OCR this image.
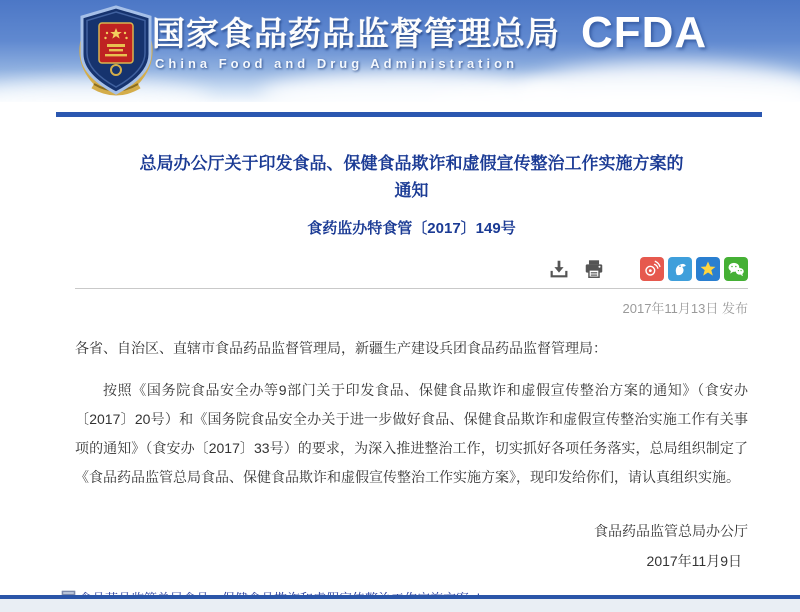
国家食品药品监督管理总局
China Food and Drug Administration
CFDA
总局办公厅关于印发食品、保健食品欺诈和虚假宣传整治工作实施方案的
通知
食药监办特食管〔2017〕149号
2017年11月13日 发布

各省、自治区、直辖市食品药品监督管理局，新疆生产建设兵团食品药品监督管理局：

按照《国务院食品安全办等9部门关于印发食品、保健食品欺诈和虚假宣传整治方案的通知》（食安办〔2017〕20号）和《国务院食品安全办关于进一步做好食品、保健食品欺诈和虚假宣传整治实施工作有关事项的通知》（食安办〔2017〕33号）的要求，为深入推进整治工作，切实抓好各项任务落实，总局组织制定了《食品药品监管总局食品、保健食品欺诈和虚假宣传整治工作实施方案》，现印发给你们，请认真组织实施。

食品药品监管总局办公厅
2017年11月9日
